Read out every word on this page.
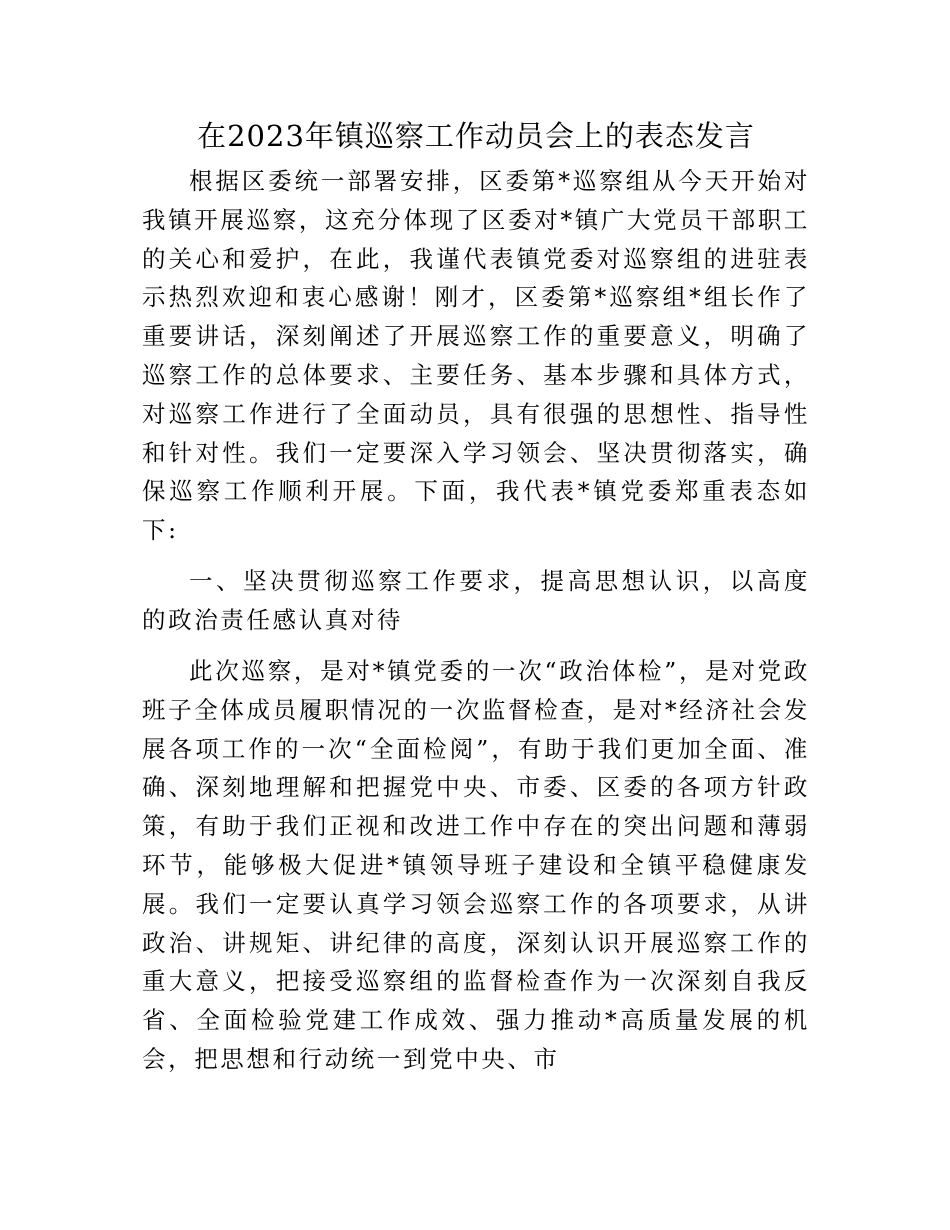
在2023年镇巡察工作动员会上的表态发言

根据区委统一部署安排，区委第*巡察组从今天开始对我镇开展巡察，这充分体现了区委对*镇广大党员干部职工的关心和爱护，在此，我谨代表镇党委对巡察组的进驻表示热烈欢迎和衷心感谢！刚才，区委第*巡察组*组长作了重要讲话，深刻阐述了开展巡察工作的重要意义，明确了巡察工作的总体要求、主要任务、基本步骤和具体方式，对巡察工作进行了全面动员，具有很强的思想性、指导性和针对性。我们一定要深入学习领会、坚决贯彻落实，确保巡察工作顺利开展。下面，我代表*镇党委郑重表态如下:

一、坚决贯彻巡察工作要求，提高思想认识，以高度的政治责任感认真对待

此次巡察，是对*镇党委的一次“政治体检”，是对党政班子全体成员履职情况的一次监督检查，是对*经济社会发展各项工作的一次“全面检阅”，有助于我们更加全面、准确、深刻地理解和把握党中央、市委、区委的各项方针政策，有助于我们正视和改进工作中存在的突出问题和薄弱环节，能够极大促进*镇领导班子建设和全镇平稳健康发展。我们一定要认真学习领会巡察工作的各项要求，从讲政治、讲规矩、讲纪律的高度，深刻认识开展巡察工作的重大意义，把接受巡察组的监督检查作为一次深刻自我反省、全面检验党建工作成效、强力推动*高质量发展的机会，把思想和行动统一到党中央、市
